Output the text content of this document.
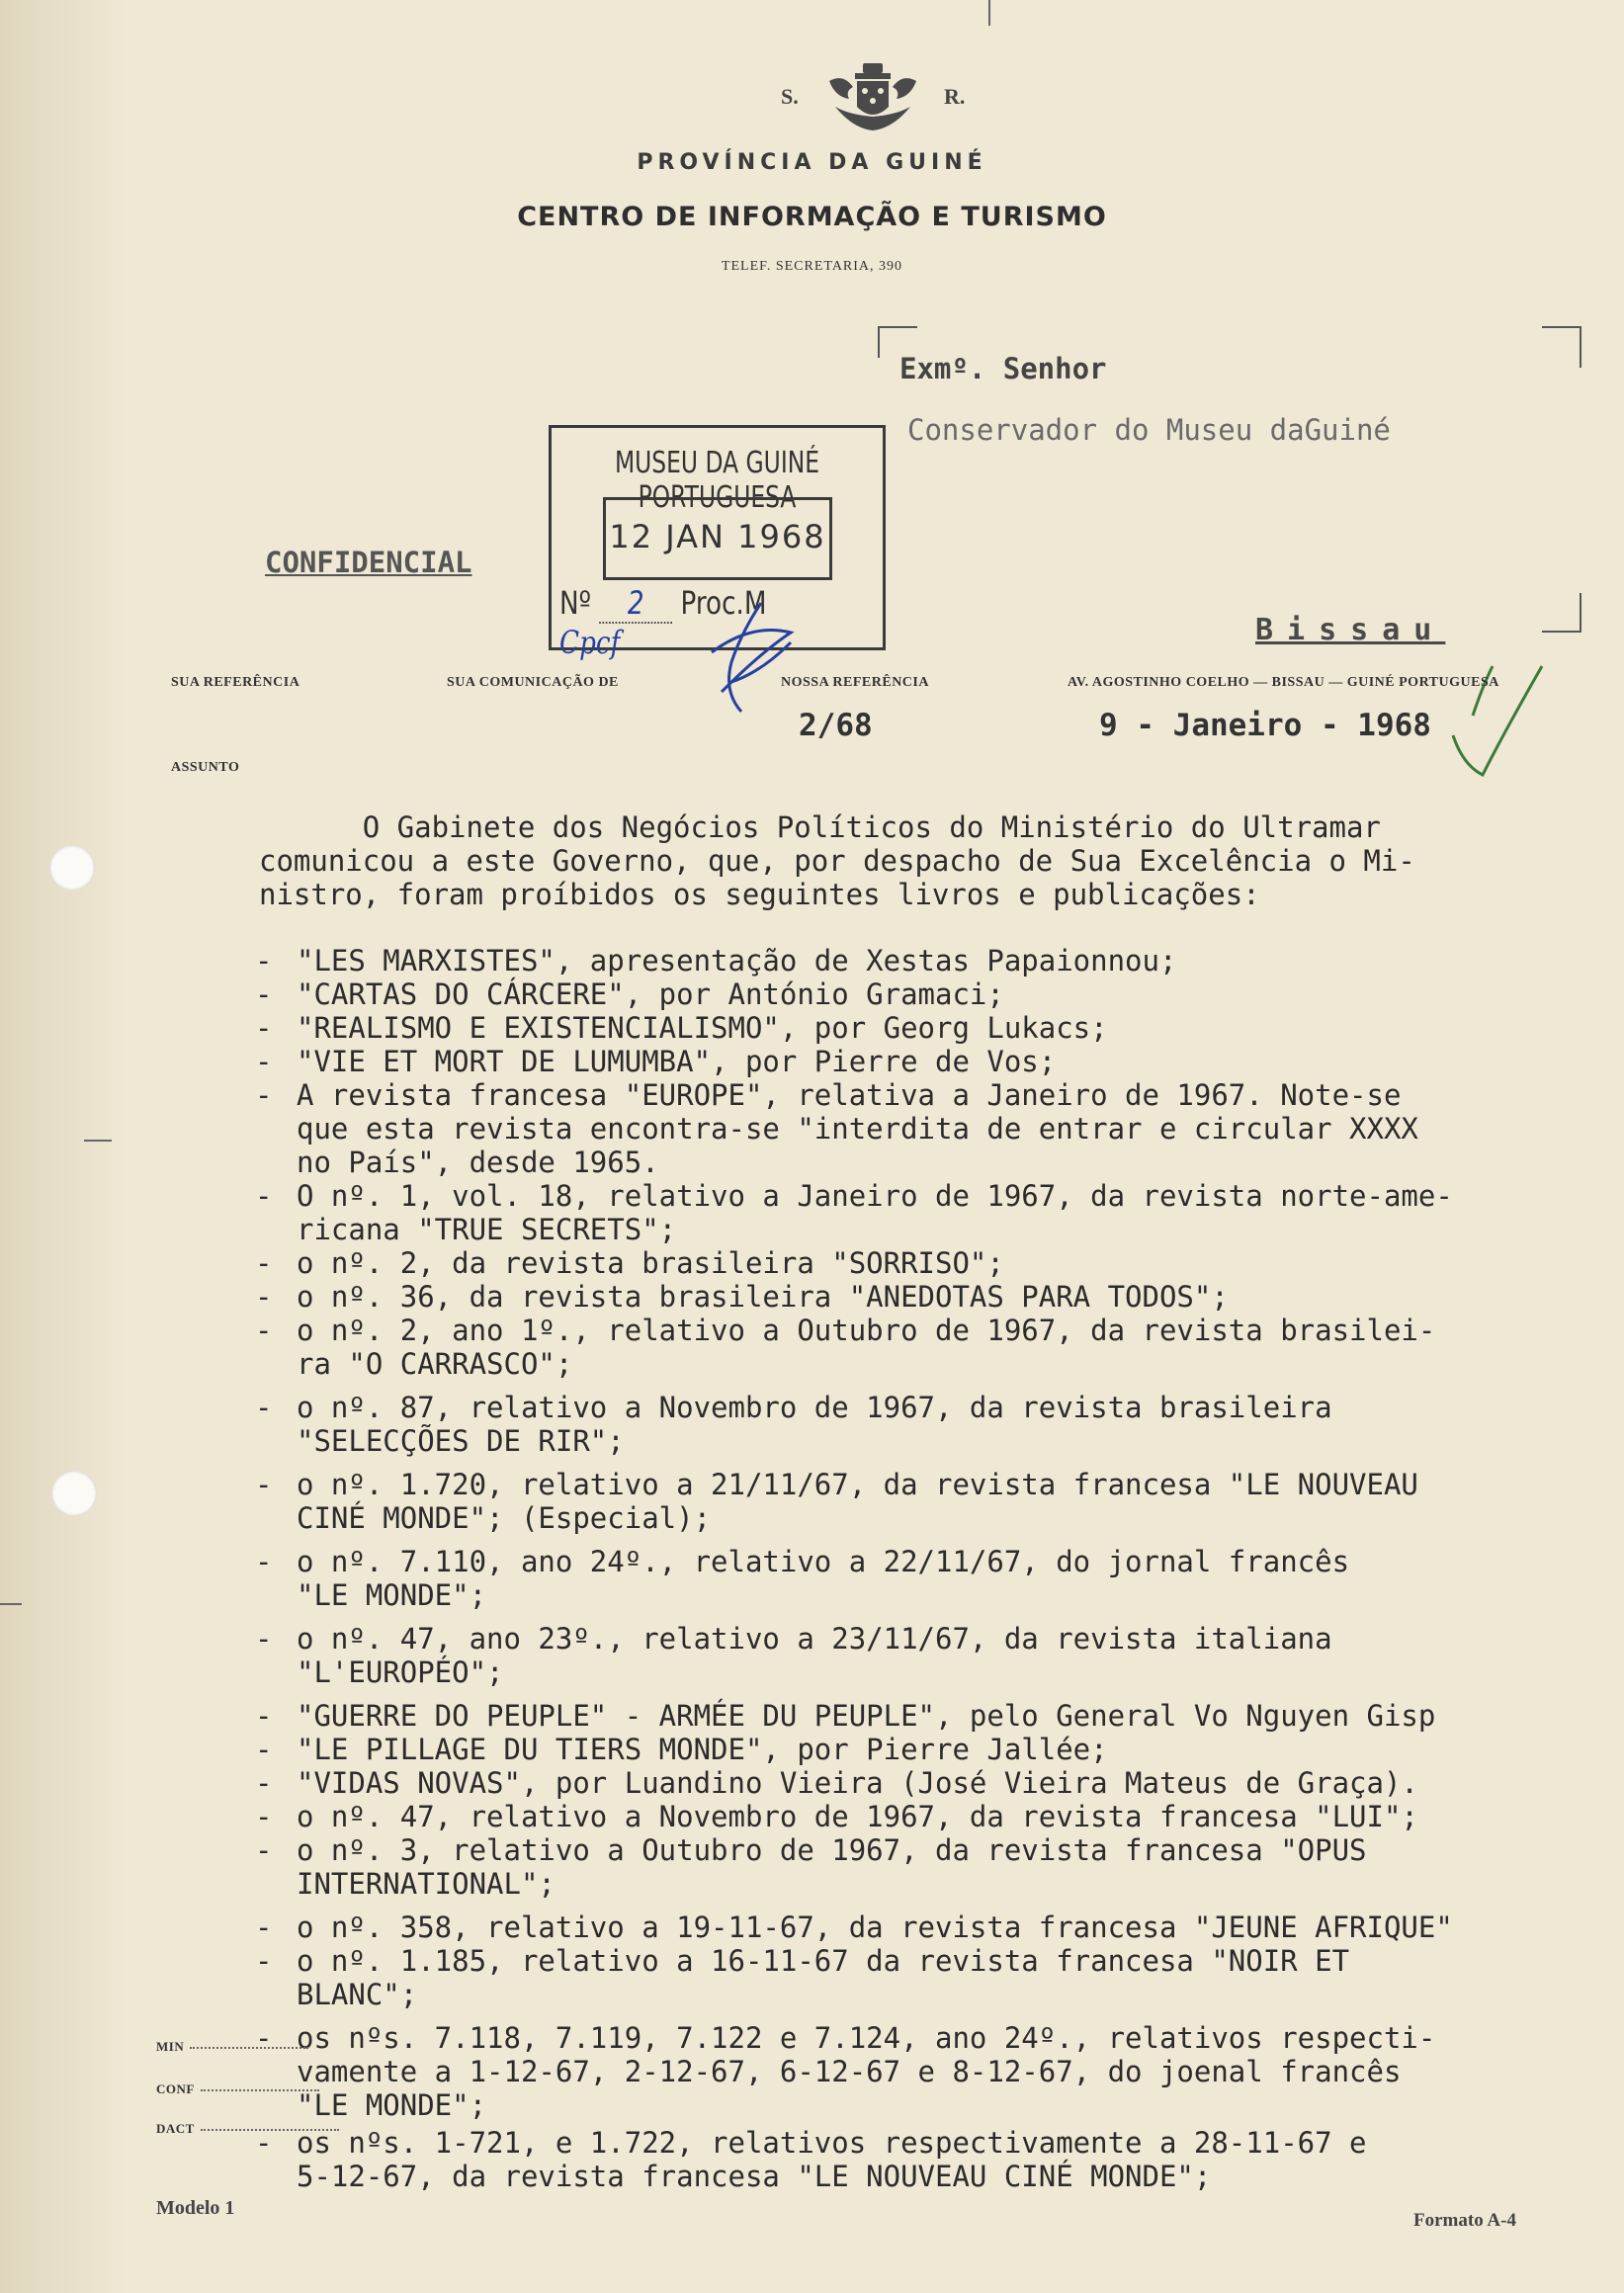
S.	R.
PROVÍNCIA DA GUINÉ
CENTRO DE INFORMAÇÃO E TURISMO
TELEF. SECRETARIA, 390
Exmº. Senhor
Conservador do Museu daGuiné
MUSEU DA GUINÉ PORTUGUESA
12 JAN 1968
Nº 2 Proc.M Cpcf
CONFIDENCIAL
Bissau
SUA REFERÊNCIA	SUA COMUNICAÇÃO DE	NOSSA REFERÊNCIA	AV. AGOSTINHO COELHO — BISSAU — GUINÉ PORTUGUESA
ASSUNTO
2/68	9 - Janeiro - 1968
O Gabinete dos Negócios Políticos do Ministério do Ultramar
comunicou a este Governo, que, por despacho de Sua Excelência o Mi-
nistro, foram proíbidos os seguintes livros e publicações:
- "LES MARXISTES", apresentação de Xestas Papaionnou;
- "CARTAS DO CÁRCERE", por António Gramaci;
- "REALISMO E EXISTENCIALISMO", por Georg Lukacs;
- "VIE ET MORT DE LUMUMBA", por Pierre de Vos;
- A revista francesa "EUROPE", relativa a Janeiro de 1967. Note-se
que esta revista encontra-se "interdita de entrar e circular XXXX
no País", desde 1965.
- O nº. 1, vol. 18, relativo a Janeiro de 1967, da revista norte-ame-
ricana "TRUE SECRETS";
- o nº. 2, da revista brasileira "SORRISO";
- o nº. 36, da revista brasileira "ANEDOTAS PARA TODOS";
- o nº. 2, ano 1º., relativo a Outubro de 1967, da revista brasilei-
ra "O CARRASCO";
- o nº. 87, relativo a Novembro de 1967, da revista brasileira
"SELECÇÕES DE RIR";
- o nº. 1.720, relativo a 21/11/67, da revista francesa "LE NOUVEAU
CINÉ MONDE"; (Especial);
- o nº. 7.110, ano 24º., relativo a 22/11/67, do jornal francês
"LE MONDE";
- o nº. 47, ano 23º., relativo a 23/11/67, da revista italiana
"L'EUROPÉO";
- "GUERRE DO PEUPLE" - ARMÉE DU PEUPLE", pelo General Vo Nguyen Gisp
- "LE PILLAGE DU TIERS MONDE", por Pierre Jallée;
- "VIDAS NOVAS", por Luandino Vieira (José Vieira Mateus de Graça).
- o nº. 47, relativo a Novembro de 1967, da revista francesa "LUI";
- o nº. 3, relativo a Outubro de 1967, da revista francesa "OPUS
INTERNATIONAL";
- o nº. 358, relativo a 19-11-67, da revista francesa "JEUNE AFRIQUE"
- o nº. 1.185, relativo a 16-11-67 da revista francesa "NOIR ET
BLANC";
- os nºs. 7.118, 7.119, 7.122 e 7.124, ano 24º., relativos respecti-
vamente a 1-12-67, 2-12-67, 6-12-67 e 8-12-67, do joenal francês
"LE MONDE";
- os nºs. 1-721, e 1.722, relativos respectivamente a 28-11-67 e
5-12-67, da revista francesa "LE NOUVEAU CINÉ MONDE";
MIN
CONF
DACT
Modelo 1
Formato A-4
